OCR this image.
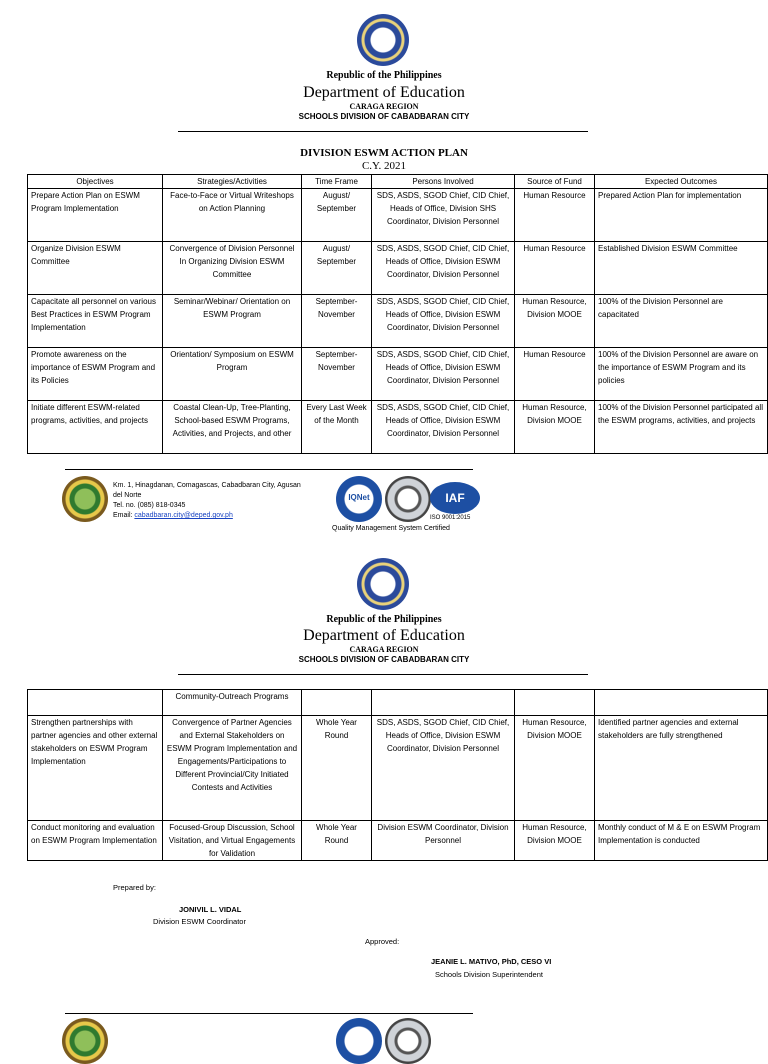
Republic of the Philippines
Department of Education
CARAGA REGION
SCHOOLS DIVISION OF CABADBARAN CITY
DIVISION ESWM ACTION PLAN
C.Y. 2021
Objectives	Strategies/Activities	Time Frame	Persons Involved	Source of Fund	Expected Outcomes
Prepare Action Plan on ESWM Program Implementation	Face-to-Face or Virtual Writeshops on Action Planning	August/ September	SDS, ASDS, SGOD Chief, CID Chief, Heads of Office, Division SHS Coordinator, Division Personnel	Human Resource	Prepared Action Plan for implementation
Organize Division ESWM Committee	Convergence of Division Personnel In Organizing Division ESWM Committee	August/ September	SDS, ASDS, SGOD Chief, CID Chief, Heads of Office, Division ESWM Coordinator, Division Personnel	Human Resource	Established Division ESWM Committee
Capacitate all personnel on various Best Practices in ESWM Program Implementation	Seminar/Webinar/ Orientation on ESWM Program	September-November	SDS, ASDS, SGOD Chief, CID Chief, Heads of Office, Division ESWM Coordinator, Division Personnel	Human Resource, Division MOOE	100% of the Division Personnel are capacitated
Promote awareness on the importance of ESWM Program and its Policies	Orientation/ Symposium on ESWM Program	September-November	SDS, ASDS, SGOD Chief, CID Chief, Heads of Office, Division ESWM Coordinator, Division Personnel	Human Resource	100% of the Division Personnel are aware on the importance of ESWM Program and its policies
Initiate different ESWM-related programs, activities, and projects	Coastal Clean-Up, Tree-Planting, School-based ESWM Programs, Activities, and Projects, and other	Every Last Week of the Month	SDS, ASDS, SGOD Chief, CID Chief, Heads of Office, Division ESWM Coordinator, Division Personnel	Human Resource, Division MOOE	100% of the Division Personnel participated all the ESWM programs, activities, and projects
Km. 1, Hinagdanan, Comagascas, Cabadbaran City, Agusan del Norte
Tel. no. (085) 818-0345
Email: cabadbaran.city@deped.gov.ph
IQNet	IAF
ISO 9001:2015
Quality Management System Certified
Republic of the Philippines
Department of Education
CARAGA REGION
SCHOOLS DIVISION OF CABADBARAN CITY
	Community-Outreach Programs				
Strengthen partnerships with partner agencies and other external stakeholders on ESWM Program Implementation	Convergence of Partner Agencies and External Stakeholders on ESWM Program Implementation and Engagements/Participations to Different Provincial/City Initiated Contests and Activities	Whole Year Round	SDS, ASDS, SGOD Chief, CID Chief, Heads of Office, Division ESWM Coordinator, Division Personnel	Human Resource, Division MOOE	Identified partner agencies and external stakeholders are fully strengthened
Conduct monitoring and evaluation on ESWM Program Implementation	Focused-Group Discussion, School Visitation, and Virtual Engagements for Validation	Whole Year Round	Division ESWM Coordinator, Division Personnel	Human Resource, Division MOOE	Monthly conduct of M & E on ESWM Program Implementation is conducted
Prepared by:
JONIVIL L. VIDAL
Division ESWM Coordinator
Approved:
JEANIE L. MATIVO, PhD, CESO VI
Schools Division Superintendent
